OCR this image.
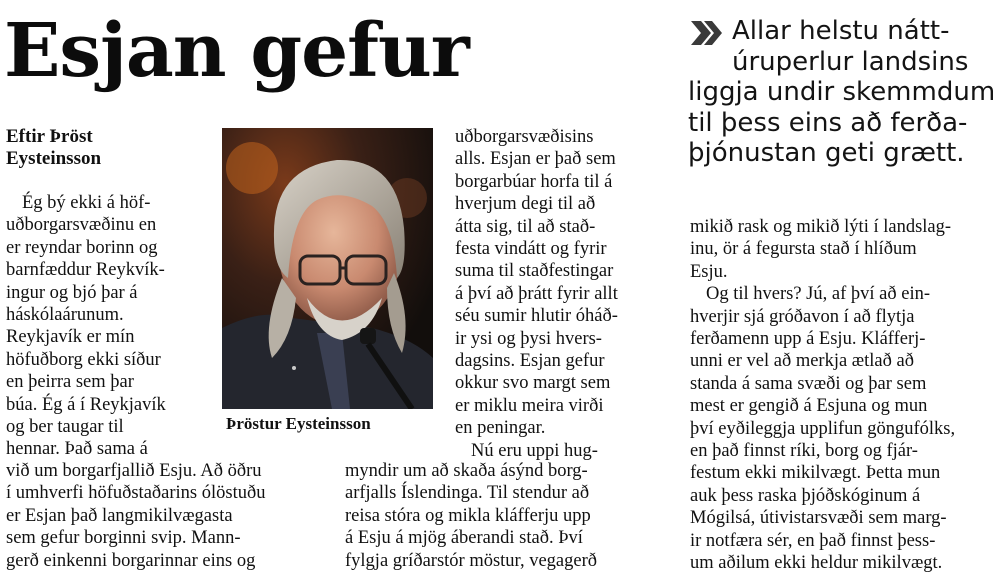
Esjan gefur
Eftir Þröst
Eysteinsson
Ég bý ekki á höf-
uðborgarsvæðinu en
er reyndar borinn og
barnfæddur Reykvík-
ingur og bjó þar á
háskólaárunum.
Reykjavík er mín
höfuðborg ekki síður
en þeirra sem þar
búa. Ég á í Reykjavík
og ber taugar til
hennar. Það sama á
við um borgarfjallið Esju. Að öðru
í umhverfi höfuðstaðarins ólöstuðu
er Esjan það langmikilvægasta
sem gefur borginni svip. Mann-
gerð einkenni borgarinnar eins og
Þröstur Eysteinsson
uðborgarsvæðisins
alls. Esjan er það sem
borgarbúar horfa til á
hverjum degi til að
átta sig, til að stað-
festa vindátt og fyrir
suma til staðfestingar
á því að þrátt fyrir allt
séu sumir hlutir óháð-
ir ysi og þysi hvers-
dagsins. Esjan gefur
okkur svo margt sem
er miklu meira virði
en peningar.
Nú eru uppi hug-
myndir um að skaða ásýnd borg-
arfjalls Íslendinga. Til stendur að
reisa stóra og mikla kláfferju upp
á Esju á mjög áberandi stað. Því
fylgja gríðarstór möstur, vegagerð
Allar helstu nátt-
úruperlur landsins
liggja undir skemmdum
til þess eins að ferða-
þjónustan geti grætt.
mikið rask og mikið lýti í landslag-
inu, ör á fegursta stað í hlíðum
Esju.
Og til hvers? Jú, af því að ein-
hverjir sjá gróðavon í að flytja
ferðamenn upp á Esju. Kláfferj-
unni er vel að merkja ætlað að
standa á sama svæði og þar sem
mest er gengið á Esjuna og mun
því eyðileggja upplifun göngufólks,
en það finnst ríki, borg og fjár-
festum ekki mikilvægt. Þetta mun
auk þess raska þjóðskóginum á
Mógilsá, útivistarsvæði sem marg-
ir notfæra sér, en það finnst þess-
um aðilum ekki heldur mikilvægt.
